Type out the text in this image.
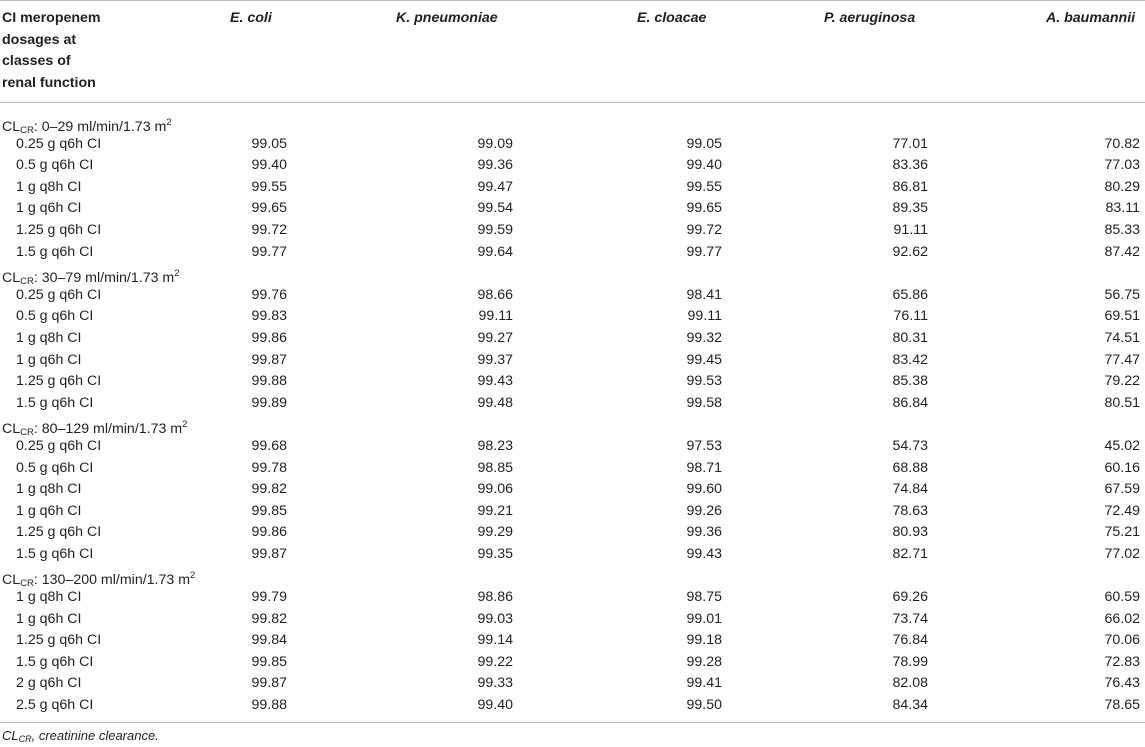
CI meropenem
dosages at
classes of
renal function
E. coli	K. pneumoniae	E. cloacae	P. aeruginosa	A. baumannii
$CL_{CR}$: 0–29 ml/min/1.73 $m^2$
0.25 g q6h CI	99.05	99.09	99.05	77.01	70.82
0.5 g q6h CI	99.40	99.36	99.40	83.36	77.03
1 g q8h CI	99.55	99.47	99.55	86.81	80.29
1 g q6h CI	99.65	99.54	99.65	89.35	83.11
1.25 g q6h CI	99.72	99.59	99.72	91.11	85.33
1.5 g q6h CI	99.77	99.64	99.77	92.62	87.42
$CL_{CR}$: 30–79 ml/min/1.73 $m^2$
0.25 g q6h CI	99.76	98.66	98.41	65.86	56.75
0.5 g q6h CI	99.83	99.11	99.11	76.11	69.51
1 g q8h CI	99.86	99.27	99.32	80.31	74.51
1 g q6h CI	99.87	99.37	99.45	83.42	77.47
1.25 g q6h CI	99.88	99.43	99.53	85.38	79.22
1.5 g q6h CI	99.89	99.48	99.58	86.84	80.51
$CL_{CR}$: 80–129 ml/min/1.73 $m^2$
0.25 g q6h CI	99.68	98.23	97.53	54.73	45.02
0.5 g q6h CI	99.78	98.85	98.71	68.88	60.16
1 g q8h CI	99.82	99.06	99.60	74.84	67.59
1 g q6h CI	99.85	99.21	99.26	78.63	72.49
1.25 g q6h CI	99.86	99.29	99.36	80.93	75.21
1.5 g q6h CI	99.87	99.35	99.43	82.71	77.02
$CL_{CR}$: 130–200 ml/min/1.73 $m^2$
1 g q8h CI	99.79	98.86	98.75	69.26	60.59
1 g q6h CI	99.82	99.03	99.01	73.74	66.02
1.25 g q6h CI	99.84	99.14	99.18	76.84	70.06
1.5 g q6h CI	99.85	99.22	99.28	78.99	72.83
2 g q6h CI	99.87	99.33	99.41	82.08	76.43
2.5 g q6h CI	99.88	99.40	99.50	84.34	78.65
$CL_{CR}$, creatinine clearance.
